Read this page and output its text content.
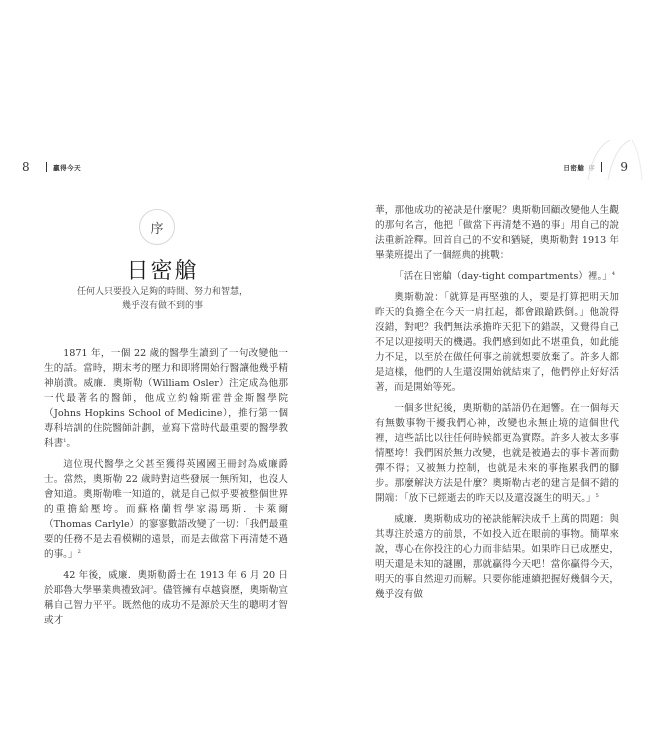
8	贏得今天
序
日密艙
任何人只要投入足夠的時間、努力和智慧，
幾乎沒有做不到的事

1871 年，一個 22 歲的醫學生讀到了一句改變他一生的話。當時，期末考的壓力和即將開始行醫讓他幾乎精神崩潰。威廉．奧斯勒（William Osler）注定成為他那一代最著名的醫師，他成立約翰斯霍普金斯醫學院（Johns Hopkins School of Medicine），推行第一個專科培訓的住院醫師計劃，並寫下當時代最重要的醫學教科書$^1$。

這位現代醫學之父甚至獲得英國國王冊封為威廉爵士。當然，奧斯勒 22 歲時對這些發展一無所知，也沒人會知道。奧斯勒唯一知道的，就是自己似乎要被整個世界的重擔給壓垮。而蘇格蘭哲學家湯瑪斯．卡萊爾（Thomas Carlyle）的寥寥數語改變了一切：「我們最重要的任務不是去看模糊的遠景，而是去做當下再清楚不過的事。」$^2$

42 年後，威廉．奧斯勒爵士在 1913 年 6 月 20 日於耶魯大學畢業典禮致詞$^3$。儘管擁有卓越資歷，奧斯勒宣稱自己智力平平。既然他的成功不是源於天生的聰明才智或才

日密艙 序 9

華，那他成功的祕訣是什麼呢？奧斯勒回顧改變他人生觀的那句名言，他把「做當下再清楚不過的事」用自己的說法重新詮釋。回首自己的不安和猶疑，奧斯勒對 1913 年畢業班提出了一個經典的挑戰：

「活在日密艙（day-tight compartments）裡。」$^4$

奧斯勒說：「就算是再堅強的人，要是打算把明天加昨天的負擔全在今天一肩扛起，都會踉蹌跌倒。」他說得沒錯，對吧？我們無法承擔昨天犯下的錯誤，又覺得自己不足以迎接明天的機遇。我們感到如此不堪重負，如此能力不足，以至於在做任何事之前就想要放棄了。許多人都是這樣，他們的人生還沒開始就結束了，他們停止好好活著，而是開始等死。

一個多世紀後，奧斯勒的話語仍在迴響。在一個每天有無數事物干擾我們心神，改變也永無止境的這個世代裡，這些話比以往任何時候都更為實際。許多人被太多事情壓垮！我們困於無力改變，也就是被過去的事卡著而動彈不得；又被無力控制，也就是未來的事拖累我們的腳步。那麼解決方法是什麼？奧斯勒古老的建言是個不錯的開端：「放下已經逝去的昨天以及還沒誕生的明天。」$^5$

威廉．奧斯勒成功的祕訣能解決成千上萬的問題：與其專注於遠方的前景，不如投入近在眼前的事物。簡單來說，專心在你投注的心力而非結果。如果昨日已成歷史，明天還是未知的謎團，那就贏得今天吧！當你贏得今天，明天的事自然迎刃而解。只要你能連續把握好幾個今天，幾乎沒有做
